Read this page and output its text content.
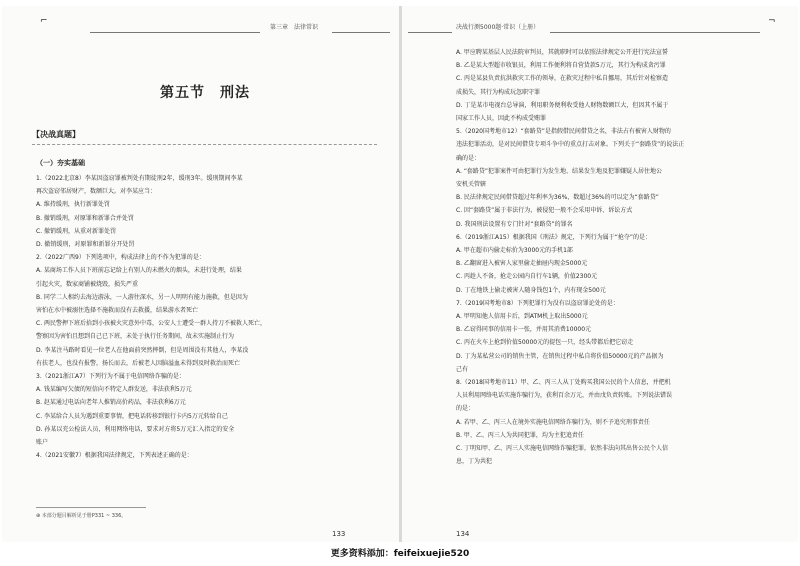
⌐
第三章　法律常识
第五节　刑法
【决战真题】
（一）夯实基础

1.（2022北京8）李某因盗窃罪被判处有期徒刑2年，缓刑3年。缓刑期间李某

再次盗窃邻居财产，数额巨大。对李某应当：

A. 维持缓刑，执行新罪处罚

B. 撤销缓刑，对原罪和新罪合并处罚

C. 撤销缓刑，从重对新罪处罚

D. 撤销缓刑，对原罪和新罪分开处罚

2.（2022广西9）下列选项中，构成法律上的不作为犯罪的是：

A. 某商场工作人员下班前忘记给上有别人的未燃火的烟头，未进行处理，结果

引起火灾，数家商铺被烧毁，损失严重

B. 同学二人相约去海边游泳，一人游往深水，另一人明明有能力施救，但是因为

害怕在水中被溺住选择不施救而没有去救援，结果游水者死亡

C. 两民警押下班后拾到小孩被火灾意外中毒，公安人士遭受一群人持刀不被救人死亡，

警察因为害怕且想到自己已下班，未处于执行任务期间，故未实施制止行为

D. 李某注马路时看见一位老人在他面前突然摔倒，但是周围没有其他人，李某没

有扶老人，也没有报警，扬长而去，后被老人因脑溢血未得到及时救治而死亡

3.（2021浙江A7）下列行为不属于电信网络诈骗的是：

A. 钱某编写欠债的短信向不特定人群发送，非法获利5万元

B. 赵某通过电话向老年人推销高价药品，非法获利6万元

C. 李某给合人员为遇到重要事情，把电话转移到银行卡内5万元转给自己

D. 孙某以充公检法人员，利用网络电话，要求对方将5万元汇入指定的安全

账户

4.（2021安徽7）根据我国法律规定，下列表述正确的是：

⊕ 本部分题目解析见于册P331 ~ 336。
133
决战行测5000题·常识（上册）
¬

A. 甲应聘某基层人民法院审判员，其就职时可以依照法律规定公开进行宪法宣誓

B. 乙是某大型超市收银员，利用工作便利将自营货款5万元，其行为构成贪污罪

C. 丙是某县负责抗洪救灾工作的领导，在救灾过程中私自挪用，其后针对检察造

成损失，其行为构成玩忽职守罪

D. 丁是某市电视台总导演，利用职务便利收受他人财物数额巨大，但因其不属于

国家工作人员，因此不构成受贿罪

5.（2020国考地市12）“套路贷”是指假借民间借贷之名，非法占有被害人财物的

违法犯罪活动，是对民间借贷专项斗争中的重点打击对象。下列关于“套路贷”的说法正

确的是：

A. “套路贷”犯罪案件可由犯罪行为发生地、结果发生地及犯罪嫌疑人居住地公

安机关管辖

B. 民法律规定民间借贷超过年利率为36%，数超过36%的可以定为“套路贷”

C. 因“套路贷”属于非法行为，被侵犯一般不会采用申诉、诉讼方式

D. 我国刑法设置有专门针对“套路贷”的罪名

6.（2019浙江A15）根据我国《刑法》规定，下列行为属于“抢夺”的是：

A. 甲在超市内偷走标价为3000元的手机1部

B. 乙翻窗进入被害人家里偷走抽屉内现金5000元

C. 丙趁人不备，抢走公园内自行车1辆，价值2300元

D. 丁在地铁上偷走被害人随身钱包1个，内有现金500元

7.（2019国考地市8）下列犯罪行为没有以盗窃罪论处的是：

A. 甲明知他人信用卡后，到ATM机上取出5000元

B. 乙窃得同事的信用卡一张，并用其消费10000元

C. 丙在火车上抢到价值50000元的提包一只，经头带都后把它窃走

D. 丁为某私营公司的销售主管，在销售过程中私自将价值50000元的产品据为

己有

8.（2018国考地市11）甲、乙、丙三人从丁处购买我国公民的个人信息，并把机

人员利用网络电话实施诈骗行为，获利百余万元，并由戊负责转账。下列说法错误

的是：

A. 若甲、乙、丙三人在境外实施电信网络诈骗行为，则不予追究刑事责任

B. 甲、乙、丙三人为共同犯罪，均为主犯追责任

C. 丁明知甲、乙、丙三人实施电信网络诈骗犯罪，依然非法向其出售公民个人信

息，丁为共犯

134
更多资料添加：feifeixuejie520
